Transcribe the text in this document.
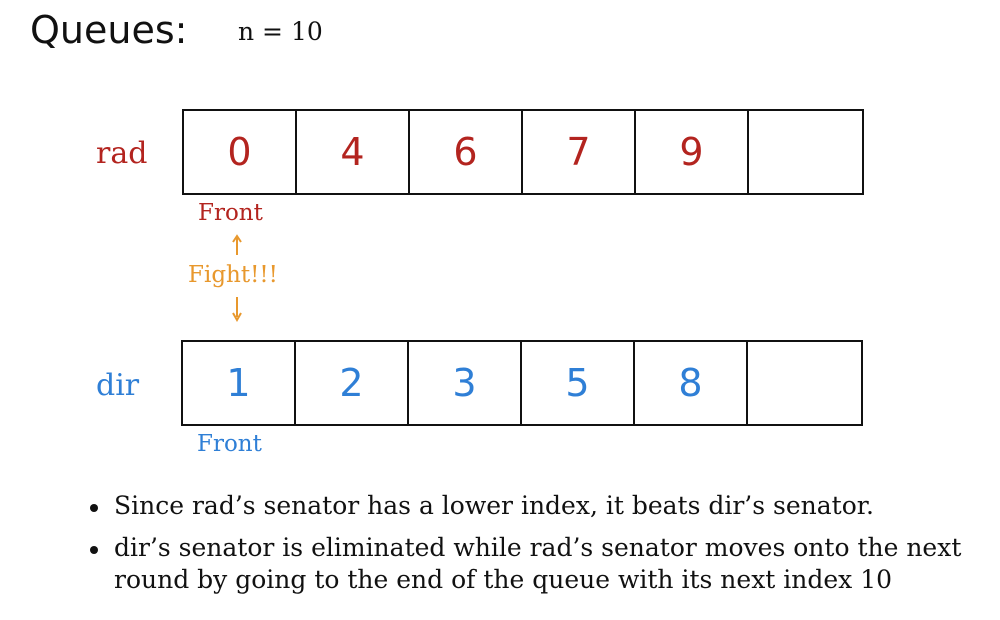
Queues: n = 10
rad	0	4	6	7	9
Front
Fight!!!
dir	1	2	3	5	8
Front
Since rad’s senator has a lower index, it beats dir’s senator.
dir’s senator is eliminated while rad’s senator moves onto the next round by going to the end of the queue with its next index 10
